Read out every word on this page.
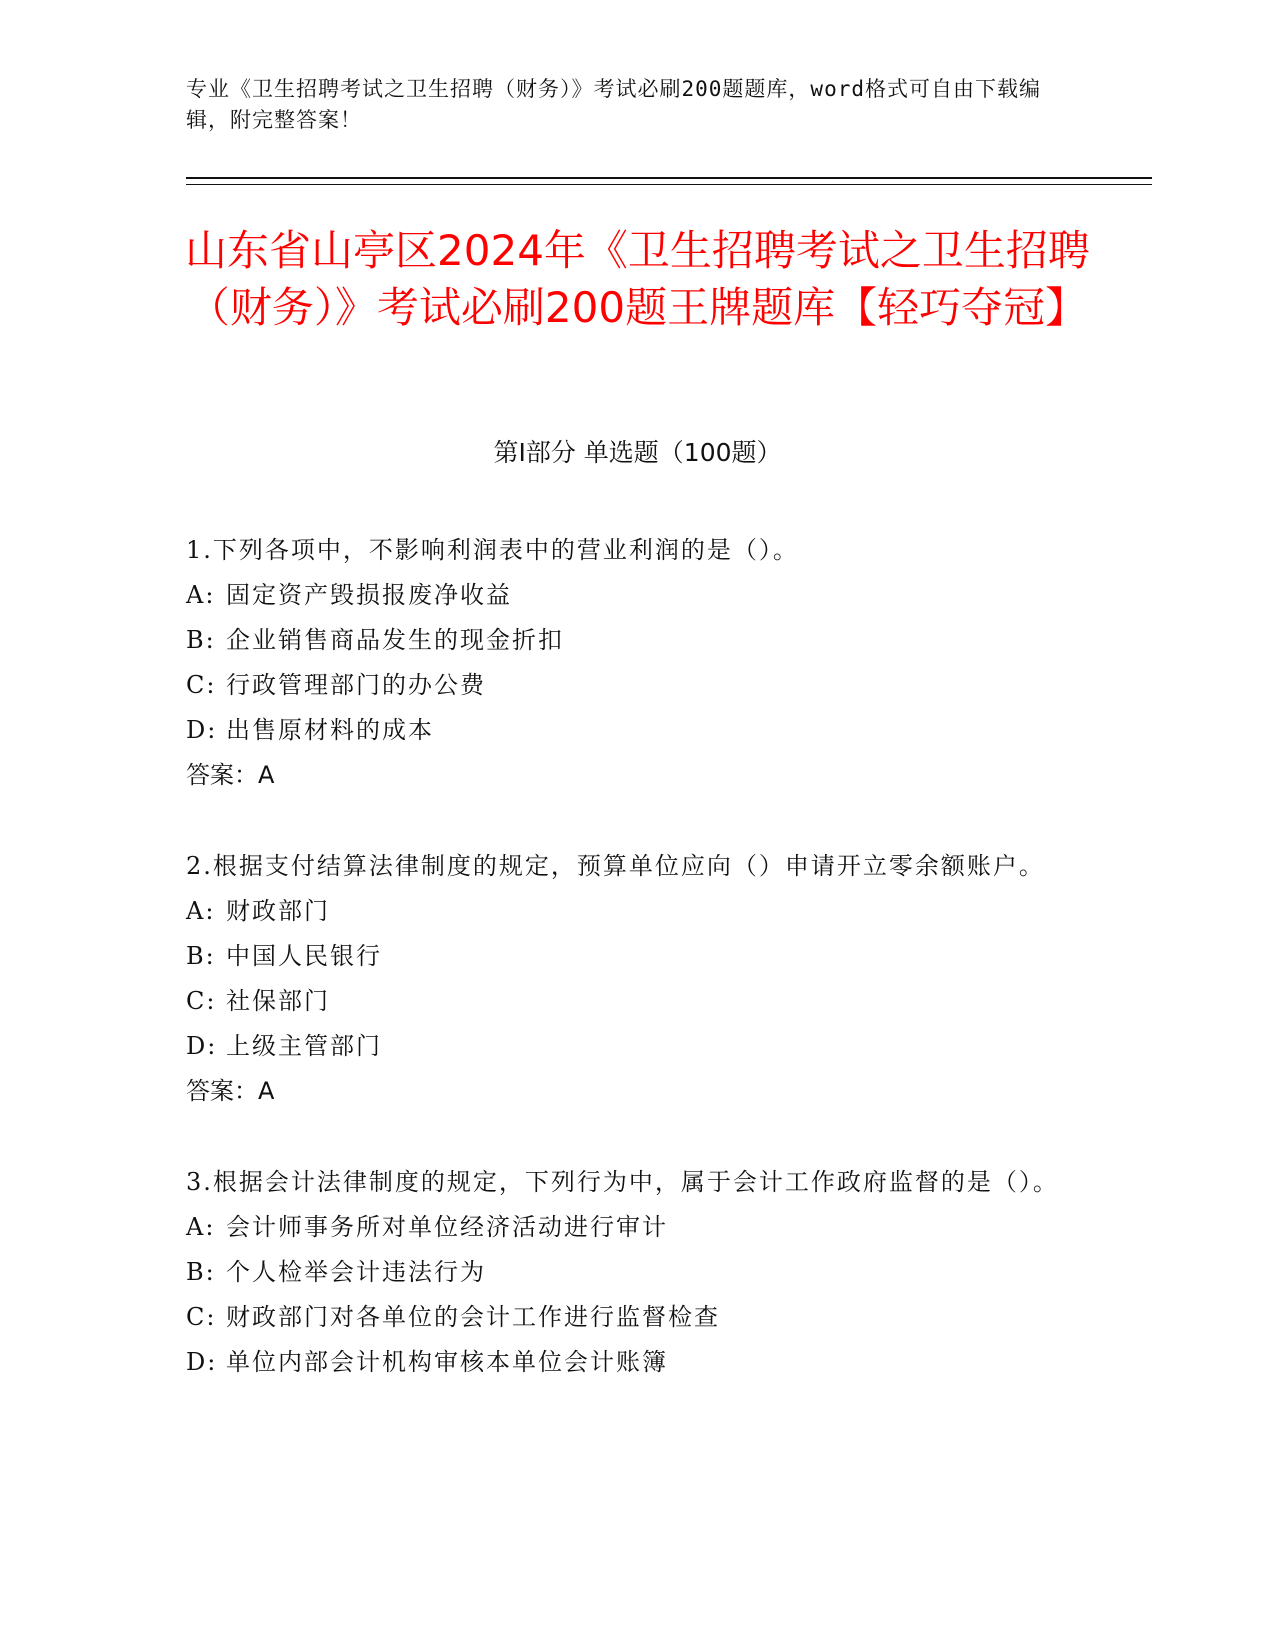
专业《卫生招聘考试之卫生招聘（财务）》考试必刷200题题库，word格式可自由下载编辑，附完整答案！
山东省山亭区2024年《卫生招聘考试之卫生招聘（财务）》考试必刷200题王牌题库【轻巧夺冠】
第Ⅰ部分 单选题（100题）
1.下列各项中，不影响利润表中的营业利润的是（）。
A: 固定资产毁损报废净收益
B: 企业销售商品发生的现金折扣
C: 行政管理部门的办公费
D: 出售原材料的成本
答案：A
2.根据支付结算法律制度的规定，预算单位应向（）申请开立零余额账户。
A: 财政部门
B: 中国人民银行
C: 社保部门
D: 上级主管部门
答案：A
3.根据会计法律制度的规定，下列行为中，属于会计工作政府监督的是（）。
A: 会计师事务所对单位经济活动进行审计
B: 个人检举会计违法行为
C: 财政部门对各单位的会计工作进行监督检查
D: 单位内部会计机构审核本单位会计账簿
